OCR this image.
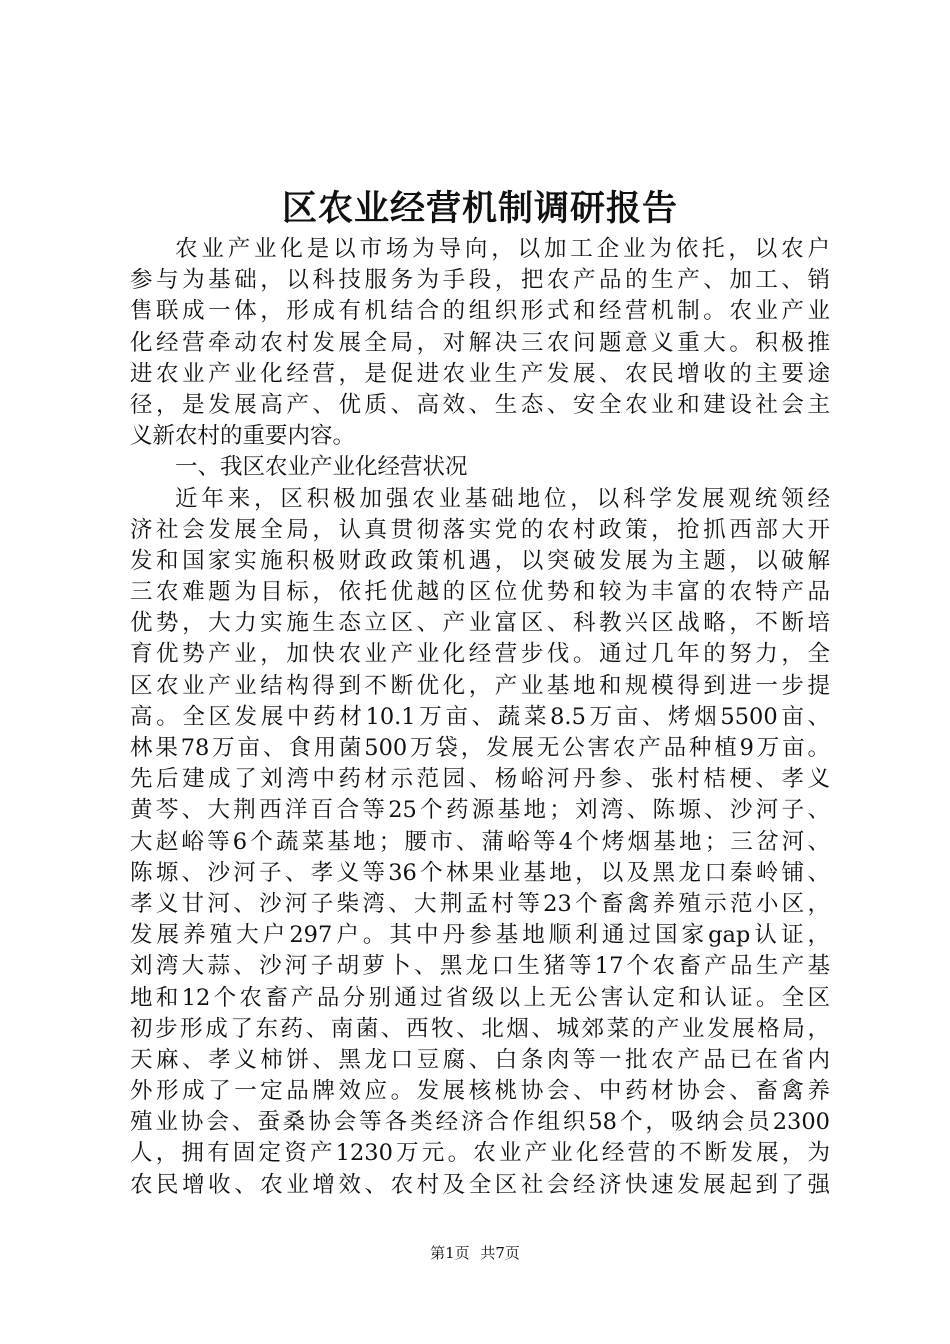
区农业经营机制调研报告
农业产业化是以市场为导向，以加工企业为依托，以农户
参与为基础，以科技服务为手段，把农产品的生产、加工、销
售联成一体，形成有机结合的组织形式和经营机制。农业产业
化经营牵动农村发展全局，对解决三农问题意义重大。积极推
进农业产业化经营，是促进农业生产发展、农民增收的主要途
径，是发展高产、优质、高效、生态、安全农业和建设社会主
义新农村的重要内容。
一、我区农业产业化经营状况
近年来，区积极加强农业基础地位，以科学发展观统领经
济社会发展全局，认真贯彻落实党的农村政策，抢抓西部大开
发和国家实施积极财政政策机遇，以突破发展为主题，以破解
三农难题为目标，依托优越的区位优势和较为丰富的农特产品
优势，大力实施生态立区、产业富区、科教兴区战略，不断培
育优势产业，加快农业产业化经营步伐。通过几年的努力，全
区农业产业结构得到不断优化，产业基地和规模得到进一步提
高。全区发展中药材10.1万亩、蔬菜8.5万亩、烤烟5500亩、
林果78万亩、食用菌500万袋，发展无公害农产品种植9万亩。
先后建成了刘湾中药材示范园、杨峪河丹参、张村桔梗、孝义
黄芩、大荆西洋百合等25个药源基地；刘湾、陈塬、沙河子、
大赵峪等6个蔬菜基地；腰市、蒲峪等4个烤烟基地；三岔河、
陈塬、沙河子、孝义等36个林果业基地，以及黑龙口秦岭铺、
孝义甘河、沙河子柴湾、大荆孟村等23个畜禽养殖示范小区，
发展养殖大户297户。其中丹参基地顺利通过国家gap认证，
刘湾大蒜、沙河子胡萝卜、黑龙口生猪等17个农畜产品生产基
地和12个农畜产品分别通过省级以上无公害认定和认证。全区
初步形成了东药、南菌、西牧、北烟、城郊菜的产业发展格局，
天麻、孝义柿饼、黑龙口豆腐、白条肉等一批农产品已在省内
外形成了一定品牌效应。发展核桃协会、中药材协会、畜禽养
殖业协会、蚕桑协会等各类经济合作组织58个，吸纳会员2300
人，拥有固定资产1230万元。农业产业化经营的不断发展，为
农民增收、农业增效、农村及全区社会经济快速发展起到了强
第1页 共7页
